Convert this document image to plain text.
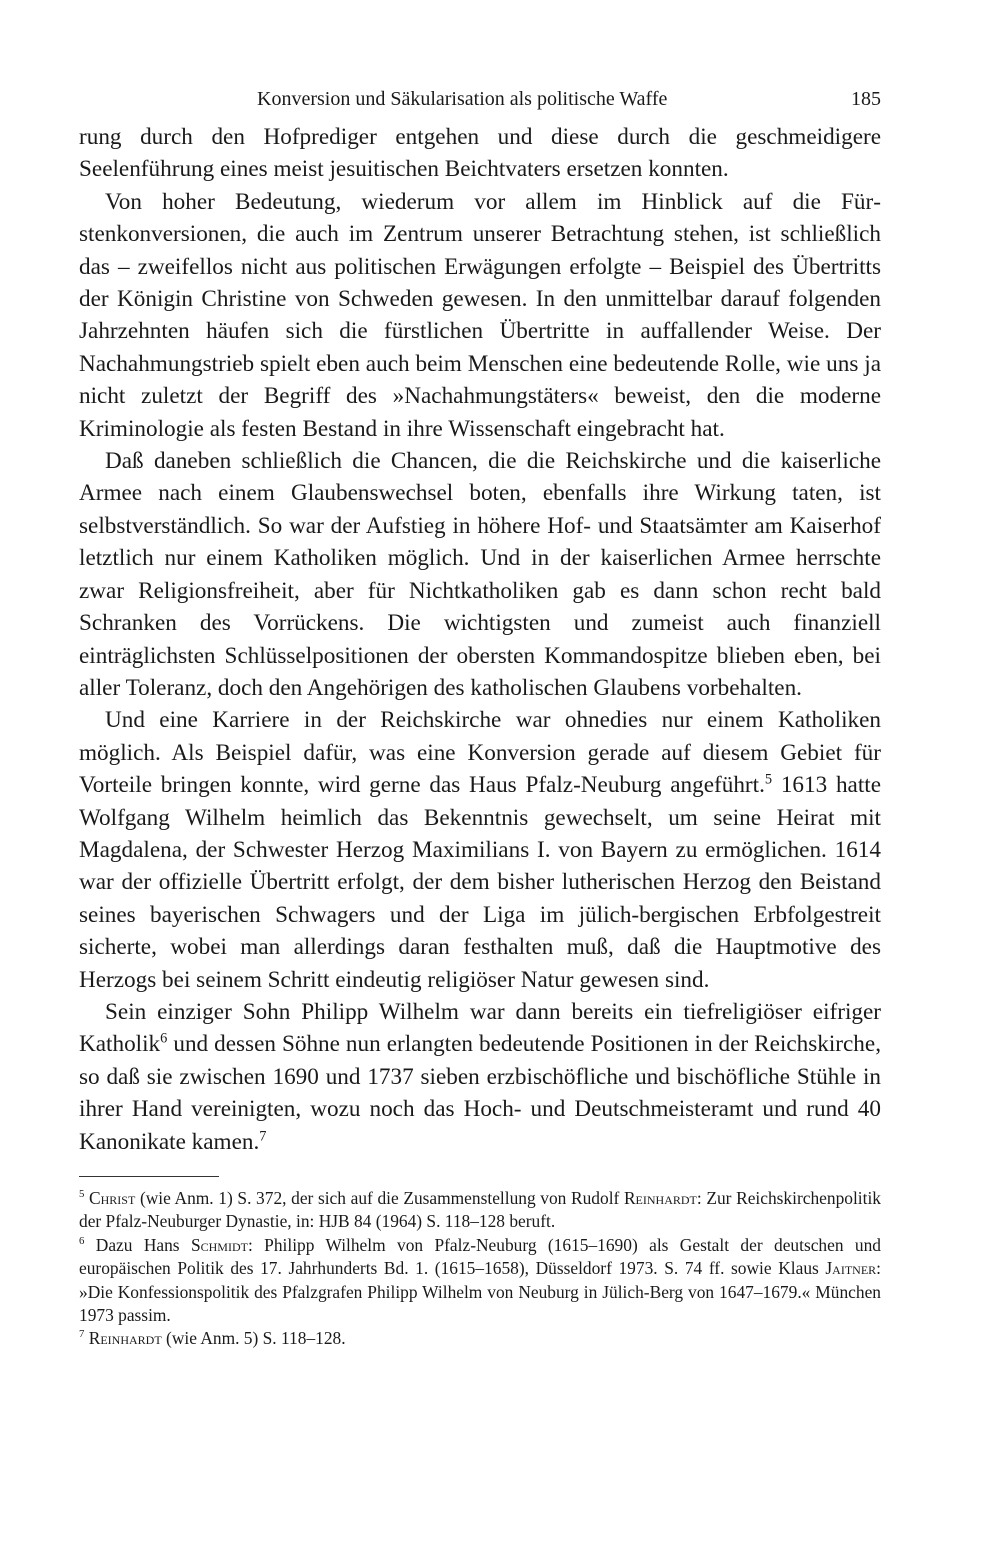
Konversion und Säkularisation als politische Waffe	185

rung durch den Hofprediger entgehen und diese durch die geschmeidigere Seelenführung eines meist jesuitischen Beichtvaters ersetzen konnten.

Von hoher Bedeutung, wiederum vor allem im Hinblick auf die Fürstenkonversionen, die auch im Zentrum unserer Betrachtung stehen, ist schließlich das – zweifellos nicht aus politischen Erwägungen erfolgte – Beispiel des Übertritts der Königin Christine von Schweden gewesen. In den unmittelbar darauf folgenden Jahrzehnten häufen sich die fürstlichen Übertritte in auffallender Weise. Der Nachahmungstrieb spielt eben auch beim Menschen eine bedeutende Rolle, wie uns ja nicht zuletzt der Begriff des »Nachahmungstäters« beweist, den die moderne Kriminologie als festen Bestand in ihre Wissenschaft eingebracht hat.

Daß daneben schließlich die Chancen, die die Reichskirche und die kaiserliche Armee nach einem Glaubenswechsel boten, ebenfalls ihre Wirkung taten, ist selbstverständlich. So war der Aufstieg in höhere Hof- und Staatsämter am Kaiserhof letztlich nur einem Katholiken möglich. Und in der kaiserlichen Armee herrschte zwar Religionsfreiheit, aber für Nichtkatholiken gab es dann schon recht bald Schranken des Vorrückens. Die wichtigsten und zumeist auch finanziell einträglichsten Schlüsselpositionen der obersten Kommandospitze blieben eben, bei aller Toleranz, doch den Angehörigen des katholischen Glaubens vorbehalten.

Und eine Karriere in der Reichskirche war ohnedies nur einem Katholiken möglich. Als Beispiel dafür, was eine Konversion gerade auf diesem Gebiet für Vorteile bringen konnte, wird gerne das Haus Pfalz-Neuburg angeführt.$^5$ 1613 hatte Wolfgang Wilhelm heimlich das Bekenntnis gewechselt, um seine Heirat mit Magdalena, der Schwester Herzog Maximilians I. von Bayern zu ermöglichen. 1614 war der offizielle Übertritt erfolgt, der dem bisher lutherischen Herzog den Beistand seines bayerischen Schwagers und der Liga im jülich-bergischen Erbfolgestreit sicherte, wobei man allerdings daran festhalten muß, daß die Hauptmotive des Herzogs bei seinem Schritt eindeutig religiöser Natur gewesen sind.

Sein einziger Sohn Philipp Wilhelm war dann bereits ein tiefreligiöser eifriger Katholik$^6$ und dessen Söhne nun erlangten bedeutende Positionen in der Reichskirche, so daß sie zwischen 1690 und 1737 sieben erzbischöfliche und bischöfliche Stühle in ihrer Hand vereinigten, wozu noch das Hoch- und Deutschmeisteramt und rund 40 Kanonikate kamen.$^7$

$^5$ Christ (wie Anm. 1) S. 372, der sich auf die Zusammenstellung von Rudolf Reinhardt: Zur Reichskirchenpolitik der Pfalz-Neuburger Dynastie, in: HJB 84 (1964) S. 118–128 beruft.

$^6$ Dazu Hans Schmidt: Philipp Wilhelm von Pfalz-Neuburg (1615–1690) als Gestalt der deutschen und europäischen Politik des 17. Jahrhunderts Bd. 1. (1615–1658), Düsseldorf 1973. S. 74 ff. sowie Klaus Jaitner: »Die Konfessionspolitik des Pfalzgrafen Philipp Wilhelm von Neuburg in Jülich-Berg von 1647–1679.« München 1973 passim.

$^7$ Reinhardt (wie Anm. 5) S. 118–128.
